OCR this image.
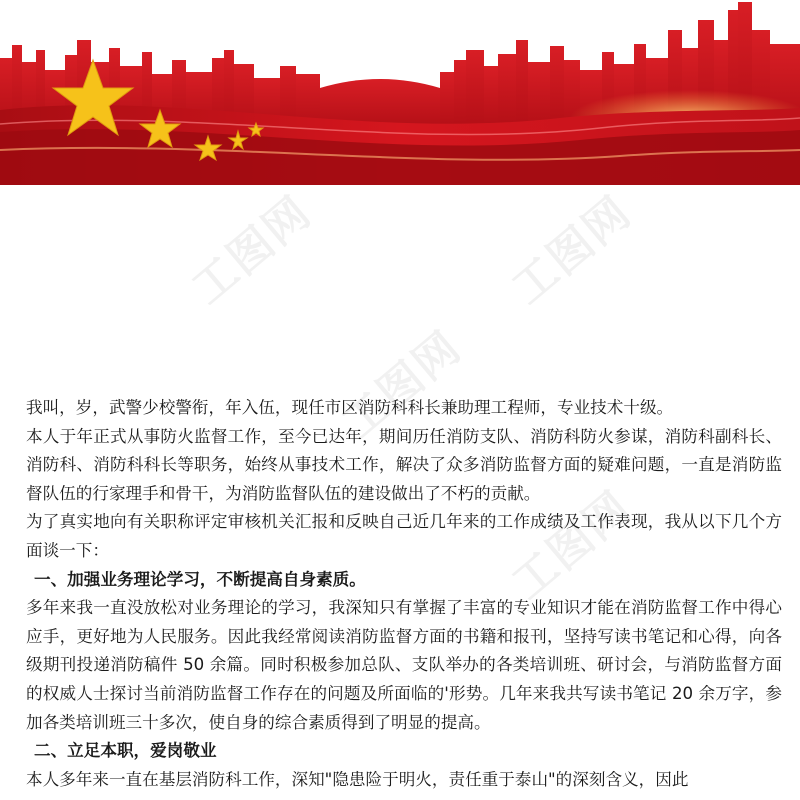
工图网	工图网
工图网
工图网

我叫，岁，武警少校警衔，年入伍，现任市区消防科科长兼助理工程师，专业技术十级。

本人于年正式从事防火监督工作，至今已达年，期间历任消防支队、消防科防火参谋，消防科副科长、消防科、消防科科长等职务，始终从事技术工作，解决了众多消防监督方面的疑难问题，一直是消防监督队伍的行家理手和骨干，为消防监督队伍的建设做出了不朽的贡献。

为了真实地向有关职称评定审核机关汇报和反映自己近几年来的工作成绩及工作表现，我从以下几个方面谈一下：

一、加强业务理论学习，不断提高自身素质。

多年来我一直没放松对业务理论的学习，我深知只有掌握了丰富的专业知识才能在消防监督工作中得心应手，更好地为人民服务。因此我经常阅读消防监督方面的书籍和报刊，坚持写读书笔记和心得，向各级期刊投递消防稿件 50 余篇。同时积极参加总队、支队举办的各类培训班、研讨会，与消防监督方面的权威人士探讨当前消防监督工作存在的问题及所面临的'形势。几年来我共写读书笔记 20 余万字，参加各类培训班三十多次，使自身的综合素质得到了明显的提高。

二、立足本职，爱岗敬业

本人多年来一直在基层消防科工作，深知"隐患险于明火，责任重于泰山"的深刻含义，因此
